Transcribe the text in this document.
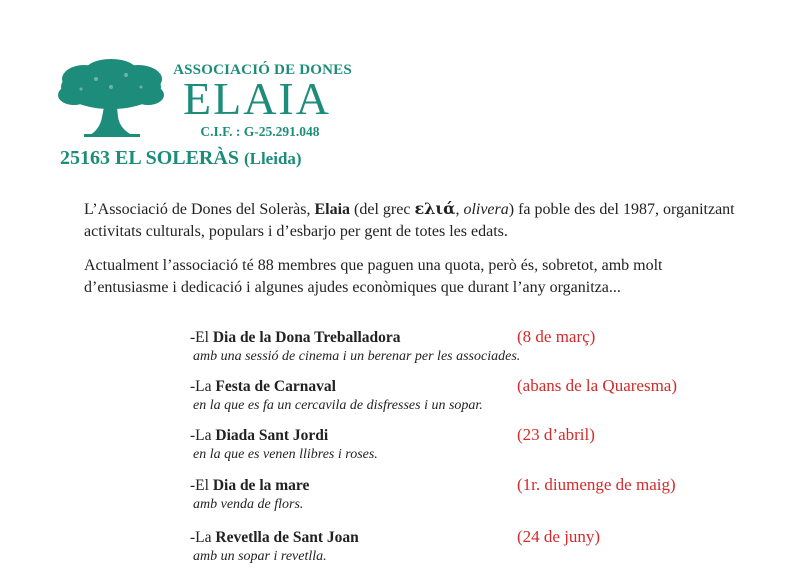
ASSOCIACIÓ DE DONES
ELAIA
C.I.F. : G-25.291.048
25163 EL SOLERÀS (Lleida)
L’Associació de Dones del Soleràs, Elaia (del grec ελιά, olivera) fa poble des del 1987, organitzant activitats culturals, populars i d’esbarjo per gent de totes les edats.
Actualment l’associació té 88 membres que paguen una quota, però és, sobretot, amb molt d’entusiasme i dedicació i algunes ajudes econòmiques que durant l’any organitza...
-El Dia de la Dona Treballadora	(8 de març)
amb una sessió de cinema i un berenar per les associades.
-La Festa de Carnaval	(abans de la Quaresma)
en la que es fa un cercavila de disfresses i un sopar.
-La Diada Sant Jordi	(23 d’abril)
en la que es venen llibres i roses.
-El Dia de la mare	(1r. diumenge de maig)
amb venda de flors.
-La Revetlla de Sant Joan	(24 de juny)
amb un sopar i revetlla.
